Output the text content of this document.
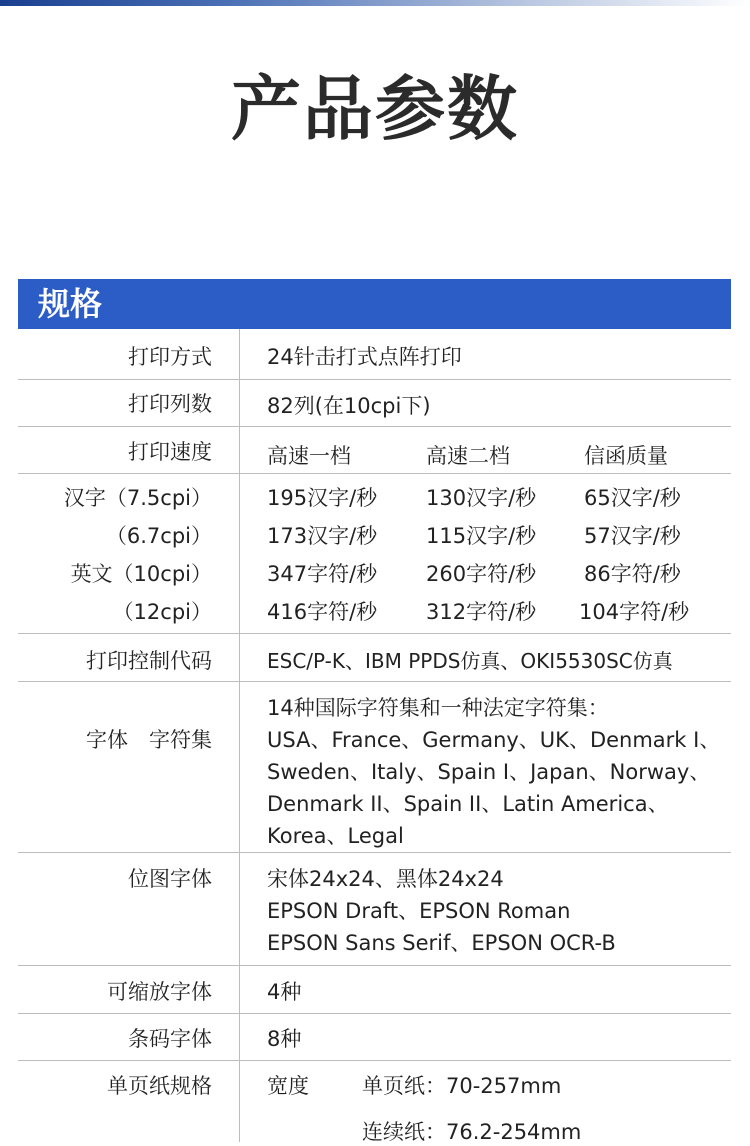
产品参数
规格
打印方式	24针击打式点阵打印
打印列数	82列(在10cpi下)
打印速度	高速一档	高速二档	信函质量
汉字（7.5cpi）	195汉字/秒 130汉字/秒 65汉字/秒
（6.7cpi）	173汉字/秒 115汉字/秒 57汉字/秒
英文（10cpi）	347字符/秒 260字符/秒 86字符/秒
（12cpi）	416字符/秒 312字符/秒 104字符/秒
打印控制代码	ESC/P-K、IBM PPDS仿真、OKI5530SC仿真
字体　字符集
14种国际字符集和一种法定字符集：
USA、France、Germany、UK、Denmark I、
Sweden、Italy、Spain I、Japan、Norway、
Denmark II、Spain II、Latin America、
Korea、Legal
位图字体	宋体24x24、黑体24x24
EPSON Draft、EPSON Roman
EPSON Sans Serif、EPSON OCR-B
可缩放字体	4种
条码字体	8种
单页纸规格	宽度	单页纸：70-257mm
连续纸：76.2-254mm
